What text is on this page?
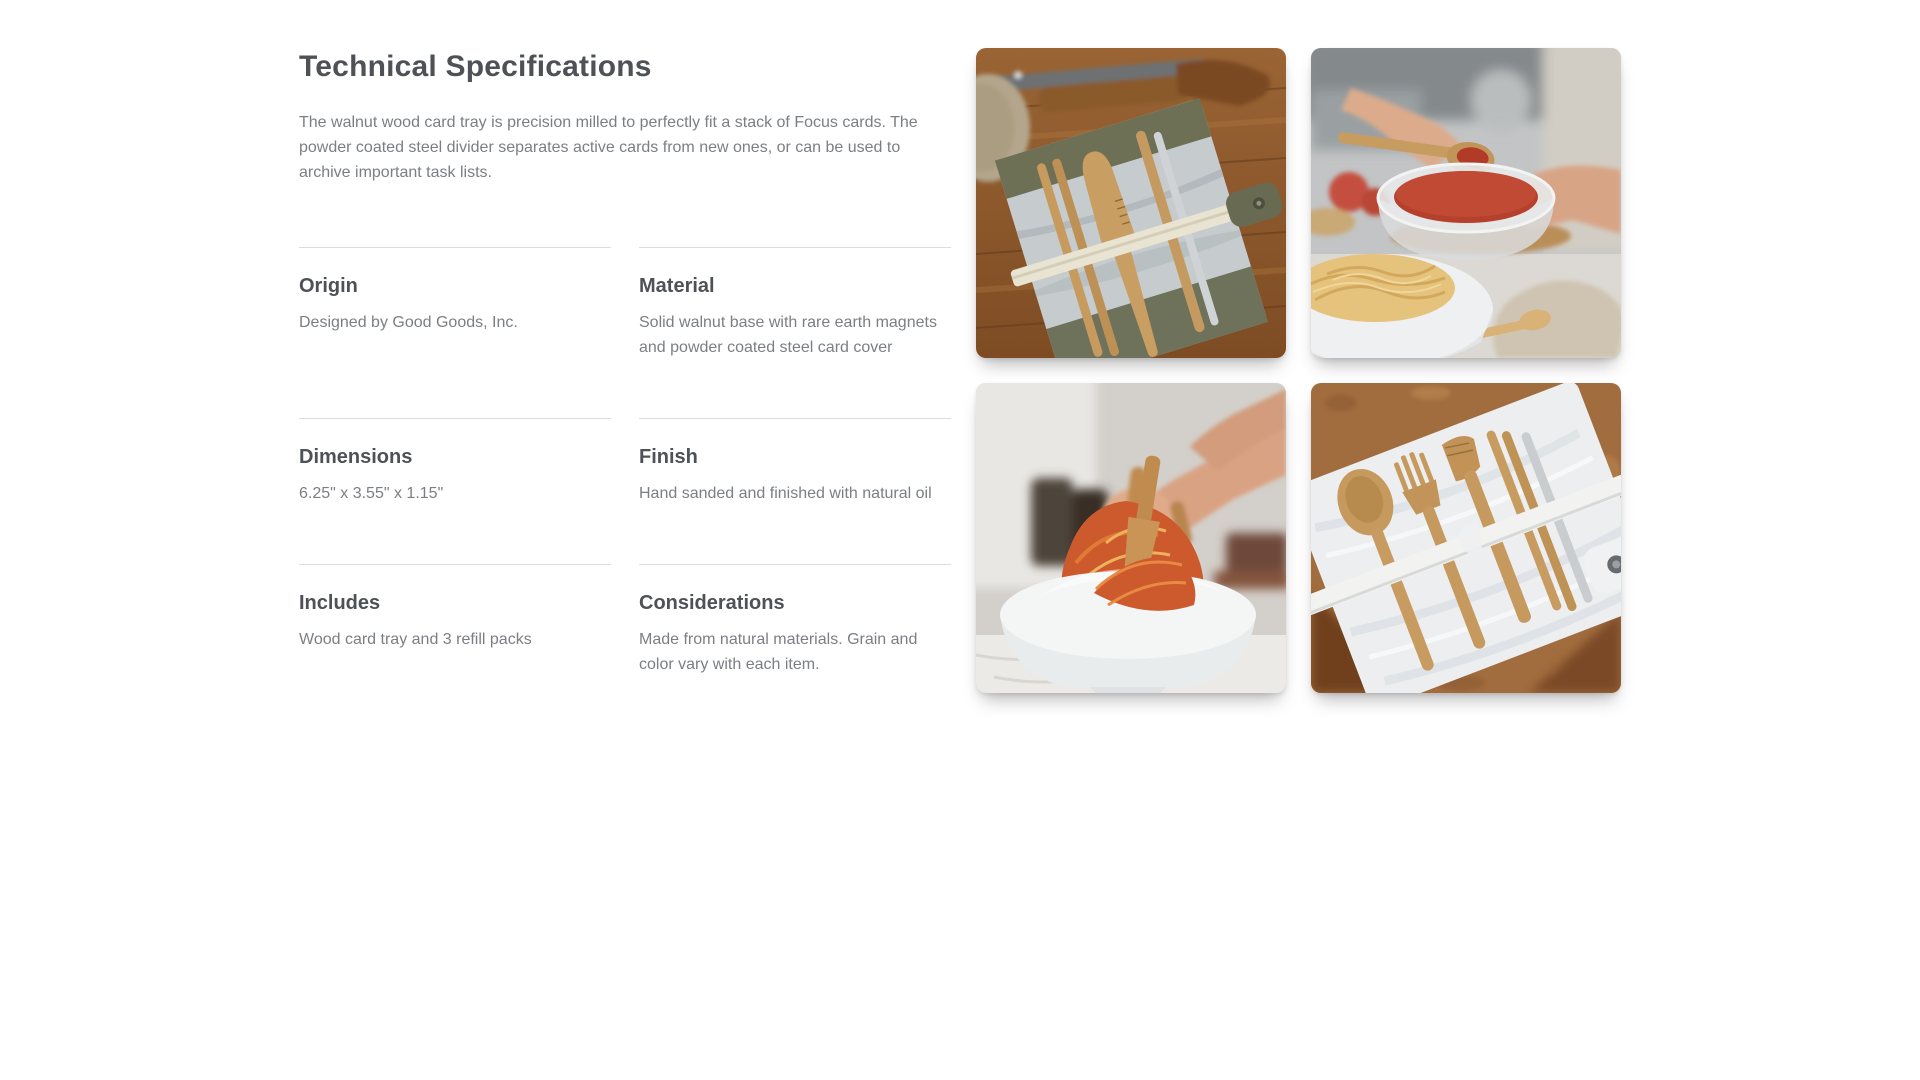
Technical Specifications

The walnut wood card tray is precision milled to perfectly fit a stack of Focus cards. The powder coated steel divider separates active cards from new ones, or can be used to archive important task lists.

Origin

Designed by Good Goods, Inc.

Material

Solid walnut base with rare earth magnets and powder coated steel card cover

Dimensions

6.25" x 3.55" x 1.15"

Finish

Hand sanded and finished with natural oil

Includes

Wood card tray and 3 refill packs

Considerations

Made from natural materials. Grain and color vary with each item.
